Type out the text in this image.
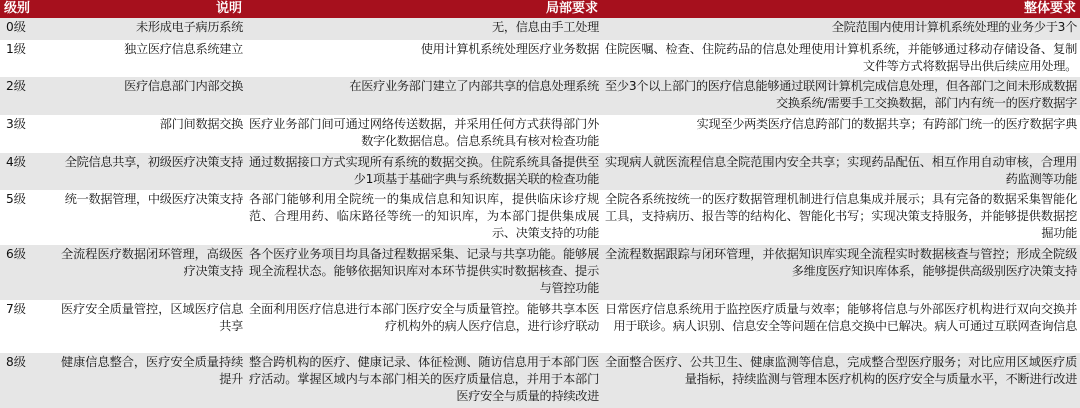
级别	说明	局部要求	整体要求
0级	未形成电子病历系统	无，信息由手工处理	全院范围内使用计算机系统处理的业务少于3个
1级	独立医疗信息系统建立	使用计算机系统处理医疗业务数据	住院医嘱、检查、住院药品的信息处理使用计算机系统，并能够通过移动存储设备、复制文件等方式将数据导出供后续应用处理。
2级	医疗信息部门内部交换	在医疗业务部门建立了内部共享的信息处理系统	至少3个以上部门的医疗信息能够通过联网计算机完成信息处理，但各部门之间未形成数据交换系统/需要手工交换数据，部门内有统一的医疗数据字
3级	部门间数据交换	医疗业务部门间可通过网络传送数据，并采用任何方式获得部门外数字化数据信息。信息系统具有核对检查功能	实现至少两类医疗信息跨部门的数据共享；有跨部门统一的医疗数据字典
4级	全院信息共享，初级医疗决策支持	通过数据接口方式实现所有系统的数据交换。住院系统具备提供至少1项基于基础字典与系统数据关联的检查功能	实现病人就医流程信息全院范围内安全共享；实现药品配伍、相互作用自动审核，合理用药监测等功能
5级	统一数据管理，中级医疗决策支持	各部门能够利用全院统一的集成信息和知识库，提供临床诊疗规范、合理用药、临床路径等统一的知识库，为本部门提供集成展示、决策支持的功能	全院各系统按统一的医疗数据管理机制进行信息集成并展示；具有完备的数据采集智能化工具，支持病历、报告等的结构化、智能化书写；实现决策支持服务，并能够提供数据挖掘功能
6级	全流程医疗数据闭环管理，高级医疗决策支持	各个医疗业务项目均具备过程数据采集、记录与共享功能。能够展现全流程状态。能够依据知识库对本环节提供实时数据核查、提示与管控功能	全流程数据跟踪与闭环管理，并依据知识库实现全流程实时数据核查与管控；形成全院级多维度医疗知识库体系，能够提供高级别医疗决策支持
7级	医疗安全质量管控，区域医疗信息共享	全面利用医疗信息进行本部门医疗安全与质量管控。能够共享本医疗机构外的病人医疗信息，进行诊疗联动	日常医疗信息系统用于监控医疗质量与效率；能够将信息与外部医疗机构进行双向交换并用于联诊。病人识别、信息安全等问题在信息交换中已解决。病人可通过互联网查询信息
8级	健康信息整合，医疗安全质量持续提升	整合跨机构的医疗、健康记录、体征检测、随访信息用于本部门医疗活动。掌握区域内与本部门相关的医疗质量信息，并用于本部门医疗安全与质量的持续改进	全面整合医疗、公共卫生、健康监测等信息，完成整合型医疗服务；对比应用区域医疗质量指标，持续监测与管理本医疗机构的医疗安全与质量水平，不断进行改进
